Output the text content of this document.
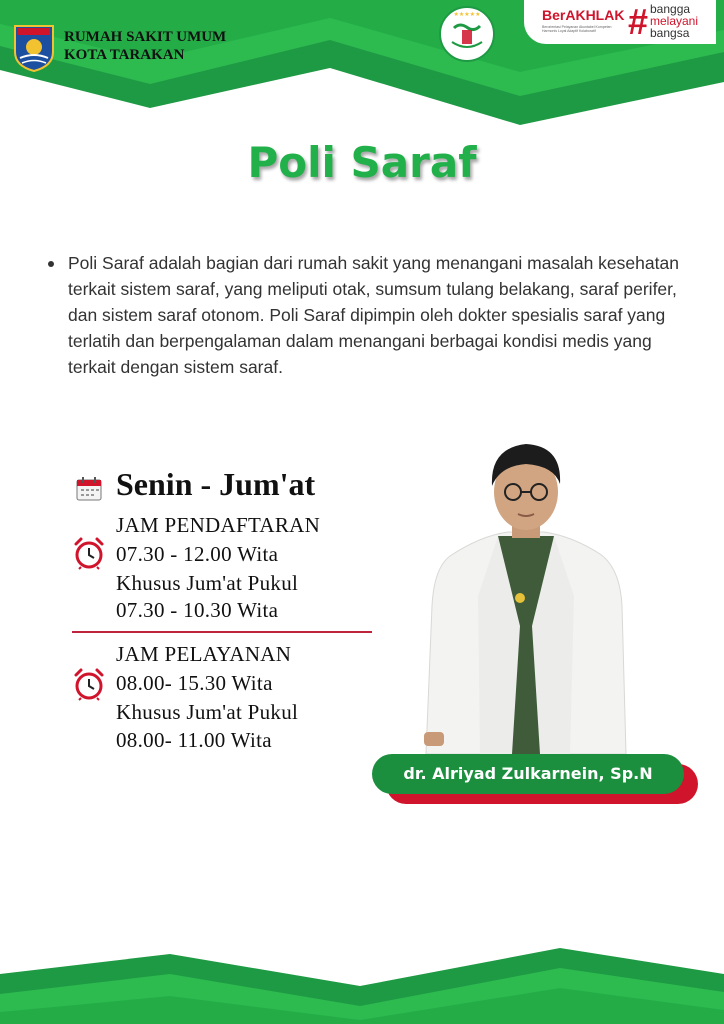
RUMAH SAKIT UMUM
KOTA TARAKAN
★★★★★	BerAKHLAK
Berorientasi Pelayanan Akuntabel Kompeten Harmonis Loyal Adaptif Kolaboratif # bangga
melayani
bangsa
Poli Saraf
Poli Saraf adalah bagian dari rumah sakit yang menangani masalah kesehatan terkait sistem saraf, yang meliputi otak, sumsum tulang belakang, saraf perifer, dan sistem saraf otonom. Poli Saraf dipimpin oleh dokter spesialis saraf yang terlatih dan berpengalaman dalam menangani berbagai kondisi medis yang terkait dengan sistem saraf.
Senin - Jum'at
JAM PENDAFTARAN
07.30 - 12.00 Wita
Khusus Jum'at Pukul
07.30 - 10.30 Wita
JAM PELAYANAN
08.00- 15.30 Wita
Khusus Jum'at Pukul
08.00- 11.00 Wita
dr. Alriyad Zulkarnein, Sp.N
